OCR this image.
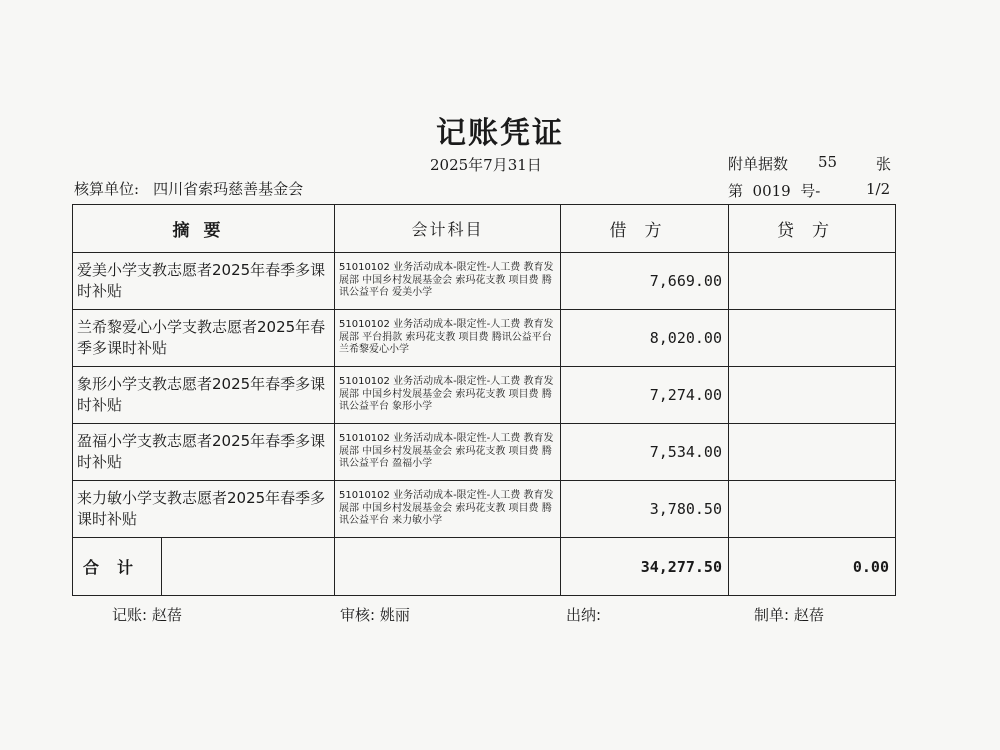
记账凭证
2025年7月31日	附单据数 55	张
核算单位: 四川省索玛慈善基金会	第  0019  号-	1/2
摘要	会计科目	借方	贷方
爱美小学支教志愿者2025年春季多课时补贴	51010102 业务活动成本-限定性-人工费 教育发展部 中国乡村发展基金会 索玛花支教 项目费 腾讯公益平台 爱美小学	7,669.00	
兰希黎爱心小学支教志愿者2025年春季多课时补贴	51010102 业务活动成本-限定性-人工费 教育发展部 平台捐款 索玛花支教 项目费 腾讯公益平台 兰希黎爱心小学	8,020.00	
象形小学支教志愿者2025年春季多课时补贴	51010102 业务活动成本-限定性-人工费 教育发展部 中国乡村发展基金会 索玛花支教 项目费 腾讯公益平台 象形小学	7,274.00	
盈福小学支教志愿者2025年春季多课时补贴	51010102 业务活动成本-限定性-人工费 教育发展部 中国乡村发展基金会 索玛花支教 项目费 腾讯公益平台 盈福小学	7,534.00	
来力敏小学支教志愿者2025年春季多课时补贴	51010102 业务活动成本-限定性-人工费 教育发展部 中国乡村发展基金会 索玛花支教 项目费 腾讯公益平台 来力敏小学	3,780.50	

合计		34,277.50	0.00
记账: 赵蓓	审核: 姚丽	出纳:	制单: 赵蓓
